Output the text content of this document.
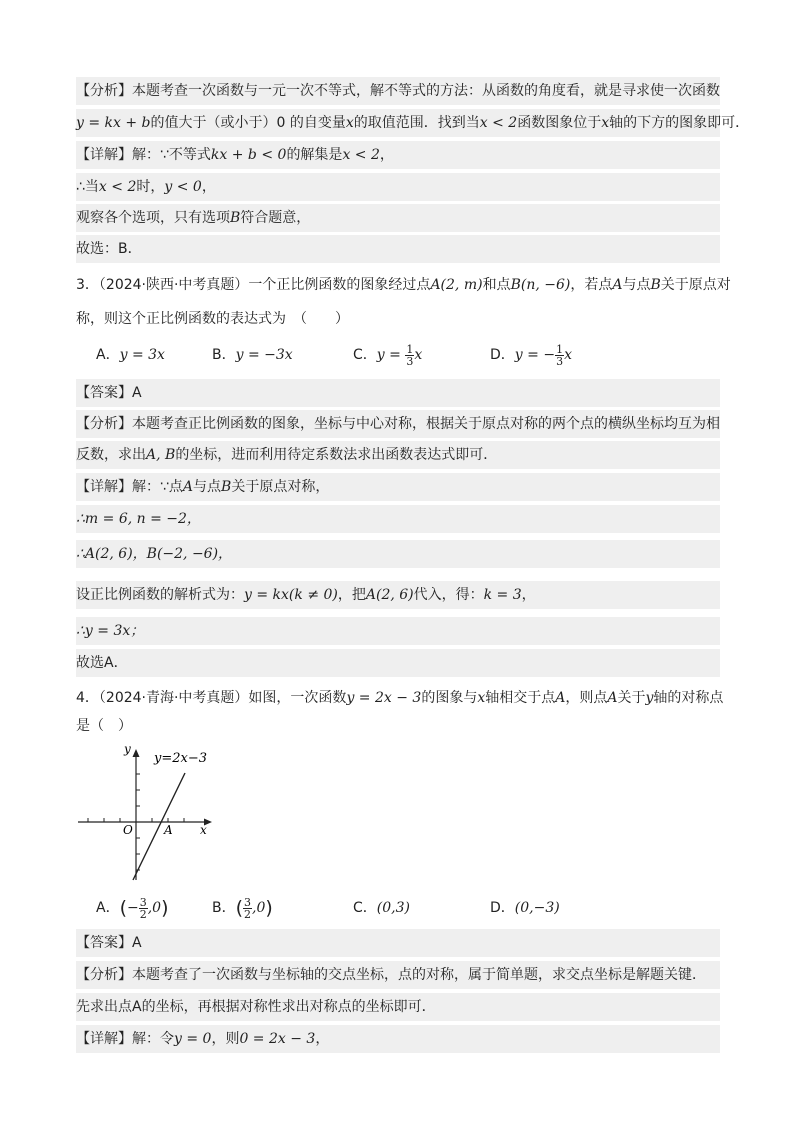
【分析】本题考查一次函数与一元一次不等式，解不等式的方法：从函数的角度看，就是寻求使一次函数
y = kx + b的值大于（或小于）0 的自变量x的取值范围．找到当x < 2函数图象位于x轴的下方的图象即可．
【详解】解：∵不等式kx + b < 0的解集是x < 2，
∴当x < 2时，y < 0，
观察各个选项，只有选项B符合题意，
故选：B．
3．（2024·陕西·中考真题）一个正比例函数的图象经过点A(2, m)和点B(n, −6)，若点A与点B关于原点对
称，则这个正比例函数的表达式为　（　　）
A．y = 3x	B．y = −3x	C．$y = \frac{1}{3}$ x	D．y = − $\frac{1}{3}$ x
【答案】A
【分析】本题考查正比例函数的图象，坐标与中心对称，根据关于原点对称的两个点的横纵坐标均互为相
反数，求出A, B的坐标，进而利用待定系数法求出函数表达式即可．
【详解】解：∵点A与点B关于原点对称，
∴m = 6, n = −2，
∴A(2, 6)，B(−2, −6)，
设正比例函数的解析式为：y = kx(k ≠ 0)，把A(2, 6)代入，得：k = 3，
∴y = 3x；
故选A．
4．（2024·青海·中考真题）如图，一次函数y = 2x − 3的图象与x轴相交于点A，则点A关于y轴的对称点
是（　）
y
x
O	A
y=2x−3
A．(− $\frac{3}{2} ,0$)	B．( $\frac{3}{2} ,0$)	C．(0,3)	D．(0,−3)
【答案】A
【分析】本题考查了一次函数与坐标轴的交点坐标，点的对称，属于简单题，求交点坐标是解题关键．
先求出点A的坐标，再根据对称性求出对称点的坐标即可．
【详解】解：令y = 0，则0 = 2x − 3，
